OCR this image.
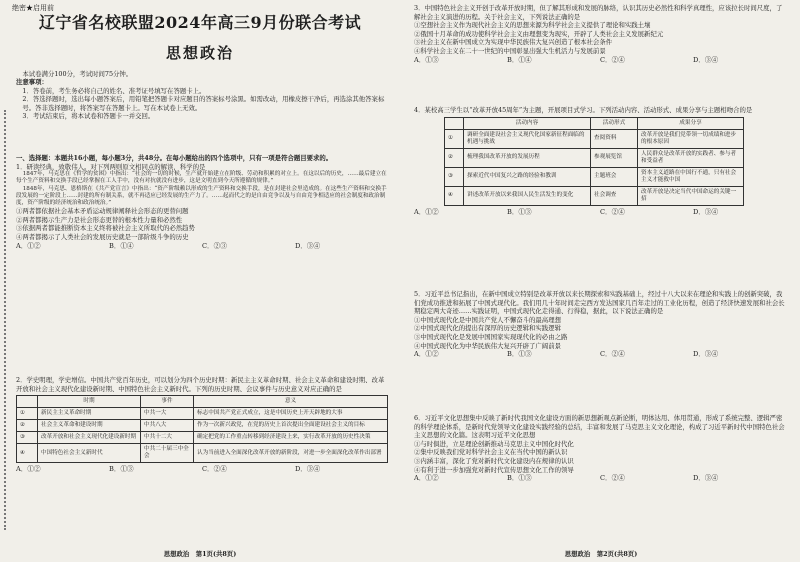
绝密★启用前
辽宁省名校联盟2024年高三9月份联合考试
思想政治

本试卷满分100分，考试时间75分钟。

注意事项：

1．答卷前，考生务必将自己的姓名、准考证号填写在答题卡上。

2．答选择题时，选出每小题答案后，用铅笔把答题卡对应题目的答案标号涂黑。如需改动，用橡皮擦干净后，再选涂其他答案标号。答非选择题时，将答案写在答题卡上。写在本试卷上无效。

3．考试结束后，将本试卷和答题卡一并交回。

一、选择题：本题共16小题，每小题3分，共48分。在每小题给出的四个选项中，只有一项是符合题目要求的。

1．研读经典，致敬伟人。对下列两则原文相同点的解读，科学的是

1847年，马克思在《哲学的贫困》中指出：“社会的一切的时候，生产就开始建立在阶级、劳动和积累的对立上。在这以后的历史，……最后建立在每个生产资料和交换手段已经掌握在工人手中，没有对抗就没有进步，这是文明直到今天所遵循的规律。”

1848年，马克思、恩格斯在《共产党宣言》中指出：“资产阶级赖以形成的生产资料和交换手段，是在封建社会里造成的。在这些生产资料和交换手段发展的一定阶段上……封建的所有制关系，就不再适应已经发展的生产力了。……起而代之的是自由竞争以及与自由竞争相适应的社会制度和政治制度，资产阶级的经济统治和政治统治。”

①两者都依据社会基本矛盾运动规律阐释社会形态的更替问题

②两者都揭示生产力是社会形态更替的根本性力量和必然性

③依据两者都能推断资本主义终将被社会主义所取代的必然趋势

④两者都揭示了人类社会的发展历史就是一部阶级斗争的历史

A．①②	B．①④	C．②③	D．③④

2．学史明理，学史增信。中国共产党百年历史，可以划分为四个历史时期：新民主主义革命时期、社会主义革命和建设时期、改革开放和社会主义现代化建设新时期、中国特色社会主义新时代。下列的历史时期、会议事件与历史意义对应正确的是

	时期	事件	意义
①	新民主主义革命时期	中共一大	标志中国共产党正式成立，这是中国历史上开天辟地的大事
②	社会主义革命和建设时期	中共八大	作为一次新兴政党，在党的历史上首次提出全面建设社会主义的目标
③	改革开放和社会主义现代化建设新时期	中共十二大	确定把党的工作重点转移到经济建设上来，实行改革开放的历史性决策
④	中国特色社会主义新时代	中共二十届三中全会	认为当前进入全面深化改革开放的新阶段，对进一步全面深化改革作出部署
A．①②	B．①③	C．②④	D．③④
思想政治　第1页(共8页)

3．中国特色社会主义开创于改革开放时期，但了解其形成和发展的脉络，认识其历史必然性和科学真理性，应该拉长时间尺度，了解社会主义演进的历程。关于社会主义，下列说法正确的是

①空想社会主义作为现代社会主义的思想来源为科学社会主义提供了理论和实践土壤

②俄国十月革命的成功使科学社会主义由理想变为现实，开辟了人类社会主义发展新纪元

③社会主义在新中国成立为实现中华民族伟大复兴创造了根本社会条件

④科学社会主义在二十一世纪的中国彰显出强大生机活力与发展前景

A．①③	B．①④	C．②④	D．③④

4．某校高三学生以“改革开放45周年”为主题，开展项目式学习。下列活动内容、活动形式、成果分享与主题相吻合的是

	活动内容	活动形式	成果分享
①	调研全面建设社会主义现代化国家新征程面临的机遇与挑战	查阅资料	改革开放是我们党带领一切成绩和进步的根本原因
②	梳理我国改革开放的发展历程	参观展览馆	人民群众是改革开放的实践者、参与者和受益者
③	探索近代中国复兴之路的经验和教训	主题班会	资本主义道路在中国行不通，只有社会主义才能救中国
④	讲述改革开放以来我国人民生活发生的变化	社会调查	改革开放是决定当代中国命运的关键一招
A．①②	B．①③	C．②④	D．③④

5．习近平总书记指出，在新中国成立特别是改革开放以来长期探索和实践基础上，经过十八大以来在理论和实践上的创新突破，我们党成功推进和拓展了中国式现代化。我们用几十年时间走完西方发达国家几百年走过的工业化历程，创造了经济快速发展和社会长期稳定两大奇迹……实践证明，中国式现代化走得通、行得稳，据此，以下说法正确的是

①中国式现代化是中国共产党人不懈奋斗的最高理想

②中国式现代化的提出有深厚的历史逻辑和实践逻辑

③中国式现代化是发展中国国家实现现代化的必由之路

④中国式现代化为中华民族伟大复兴开辟了广阔前景

A．①②	B．①③	C．②④	D．③④

6．习近平文化思想集中反映了新时代我国文化建设方面的新思想新观点新论断，明体达用、体用贯通，形成了系统完整、逻辑严密的科学理论体系，是新时代党领导文化建设实践经验的总结，丰富和发展了马克思主义文化理论，构成了习近平新时代中国特色社会主义思想的文化篇。这表明习近平文化思想

①与时俱进，立足理论创新推动马克思主义中国化时代化

②集中反映我们党对科学社会主义在当代中国的新认识

③内涵丰富，深化了党对新时代文化建设内在规律的认识

④有利于进一步加强党对新时代宣传思想文化工作的领导

A．①②	B．①③	C．②④	D．③④
思想政治　第2页(共8页)
